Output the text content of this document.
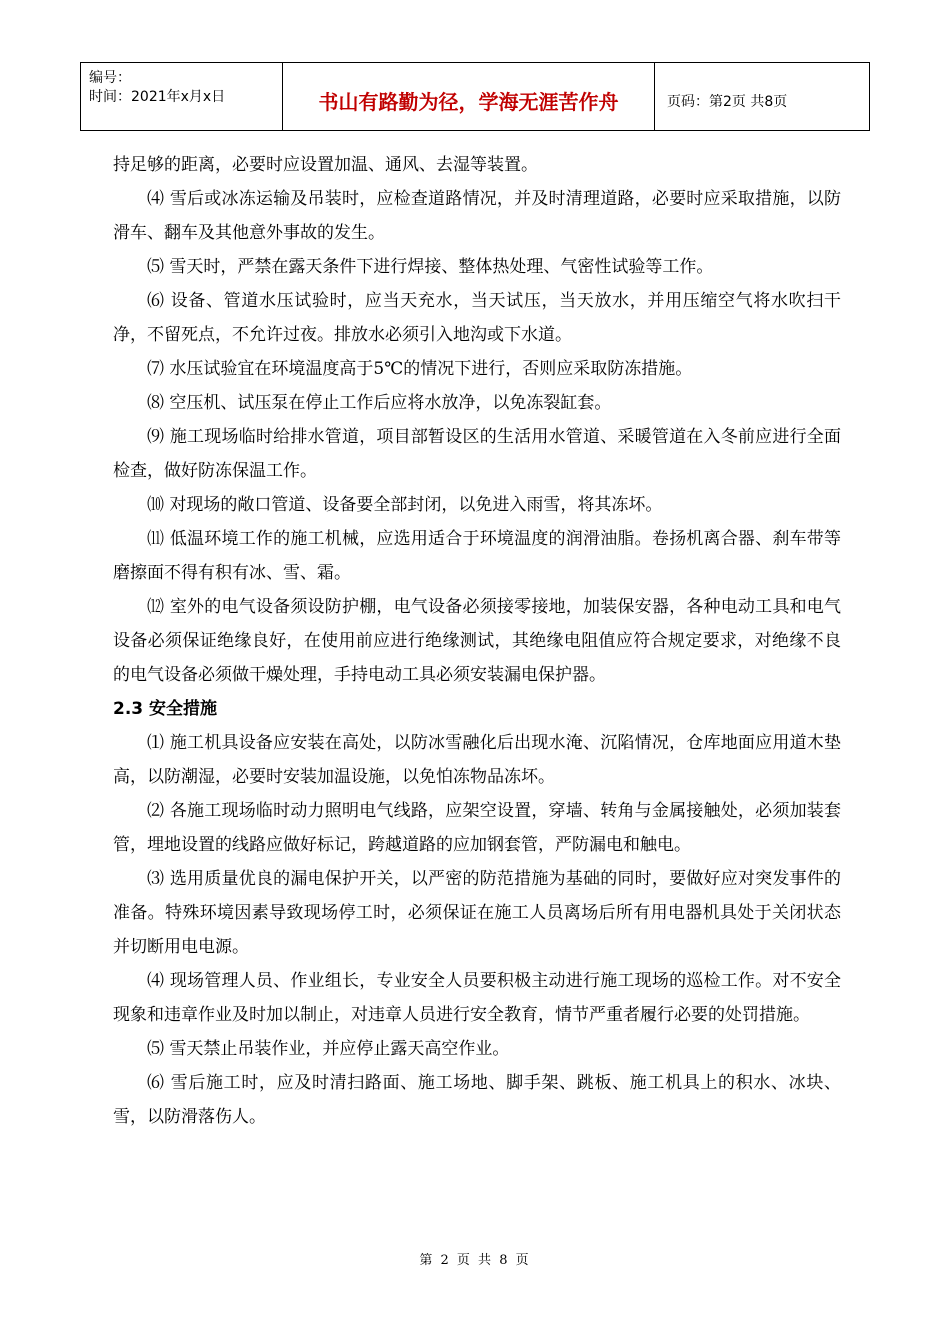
编号：
时间：2021年x月x日	书山有路勤为径，学海无涯苦作舟	页码：第2页 共8页

持足够的距离，必要时应设置加温、通风、去湿等装置。

⑷ 雪后或冰冻运输及吊装时，应检查道路情况，并及时清理道路，必要时应采取措施，以防滑车、翻车及其他意外事故的发生。

⑸ 雪天时，严禁在露天条件下进行焊接、整体热处理、气密性试验等工作。

⑹ 设备、管道水压试验时，应当天充水，当天试压，当天放水，并用压缩空气将水吹扫干净，不留死点，不允许过夜。排放水必须引入地沟或下水道。

⑺ 水压试验宜在环境温度高于5℃的情况下进行，否则应采取防冻措施。

⑻ 空压机、试压泵在停止工作后应将水放净，以免冻裂缸套。

⑼ 施工现场临时给排水管道，项目部暂设区的生活用水管道、采暖管道在入冬前应进行全面检查，做好防冻保温工作。

⑽ 对现场的敞口管道、设备要全部封闭，以免进入雨雪，将其冻坏。

⑾ 低温环境工作的施工机械，应选用适合于环境温度的润滑油脂。卷扬机离合器、刹车带等磨擦面不得有积有冰、雪、霜。

⑿ 室外的电气设备须设防护棚，电气设备必须接零接地，加装保安器，各种电动工具和电气设备必须保证绝缘良好，在使用前应进行绝缘测试，其绝缘电阻值应符合规定要求，对绝缘不良的电气设备必须做干燥处理，手持电动工具必须安装漏电保护器。

2.3 安全措施

⑴ 施工机具设备应安装在高处，以防冰雪融化后出现水淹、沉陷情况，仓库地面应用道木垫高，以防潮湿，必要时安装加温设施，以免怕冻物品冻坏。

⑵ 各施工现场临时动力照明电气线路，应架空设置，穿墙、转角与金属接触处，必须加装套管，埋地设置的线路应做好标记，跨越道路的应加钢套管，严防漏电和触电。

⑶ 选用质量优良的漏电保护开关，以严密的防范措施为基础的同时，要做好应对突发事件的准备。特殊环境因素导致现场停工时，必须保证在施工人员离场后所有用电器机具处于关闭状态并切断用电电源。

⑷ 现场管理人员、作业组长，专业安全人员要积极主动进行施工现场的巡检工作。对不安全现象和违章作业及时加以制止，对违章人员进行安全教育，情节严重者履行必要的处罚措施。

⑸ 雪天禁止吊装作业，并应停止露天高空作业。

⑹ 雪后施工时，应及时清扫路面、施工场地、脚手架、跳板、施工机具上的积水、冰块、雪，以防滑落伤人。

第 2 页 共 8 页
